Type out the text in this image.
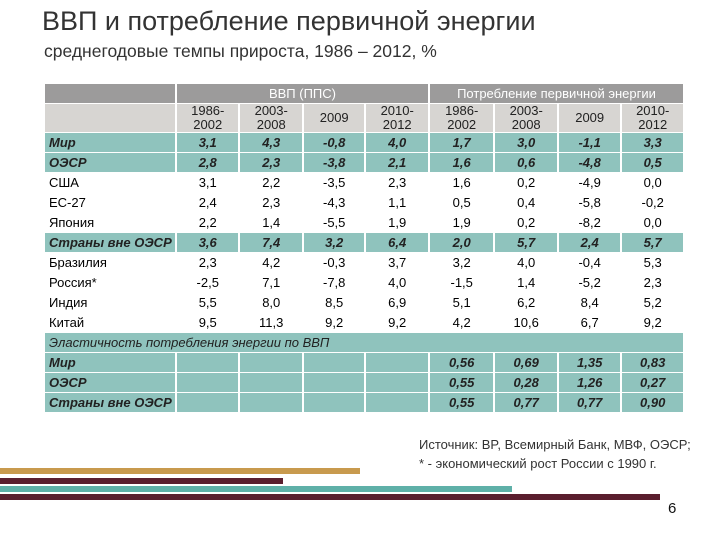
ВВП и потребление первичной энергии
среднегодовые темпы прироста, 1986 – 2012, %
	ВВП (ППС)				Потребление первичной энергии			
	1986-
2002	2003-
2008	2009	2010-
2012	1986-
2002	2003-
2008	2009	2010-
2012
Мир	3,1	4,3	-0,8	4,0	1,7	3,0	-1,1	3,3
ОЭСР	2,8	2,3	-3,8	2,1	1,6	0,6	-4,8	0,5
США	3,1	2,2	-3,5	2,3	1,6	0,2	-4,9	0,0
ЕС-27	2,4	2,3	-4,3	1,1	0,5	0,4	-5,8	-0,2
Япония	2,2	1,4	-5,5	1,9	1,9	0,2	-8,2	0,0
Страны вне ОЭСР	3,6	7,4	3,2	6,4	2,0	5,7	2,4	5,7
Бразилия	2,3	4,2	-0,3	3,7	3,2	4,0	-0,4	5,3
Россия*	-2,5	7,1	-7,8	4,0	-1,5	1,4	-5,2	2,3
Индия	5,5	8,0	8,5	6,9	5,1	6,2	8,4	5,2
Китай	9,5	11,3	9,2	9,2	4,2	10,6	6,7	9,2
Эластичность потребления энергии по ВВП								
Мир					0,56	0,69	1,35	0,83
ОЭСР					0,55	0,28	1,26	0,27
Страны вне ОЭСР					0,55	0,77	0,77	0,90
Источник: BP, Всемирный Банк, МВФ, ОЭСР;
* - экономический рост России с 1990 г.
6
